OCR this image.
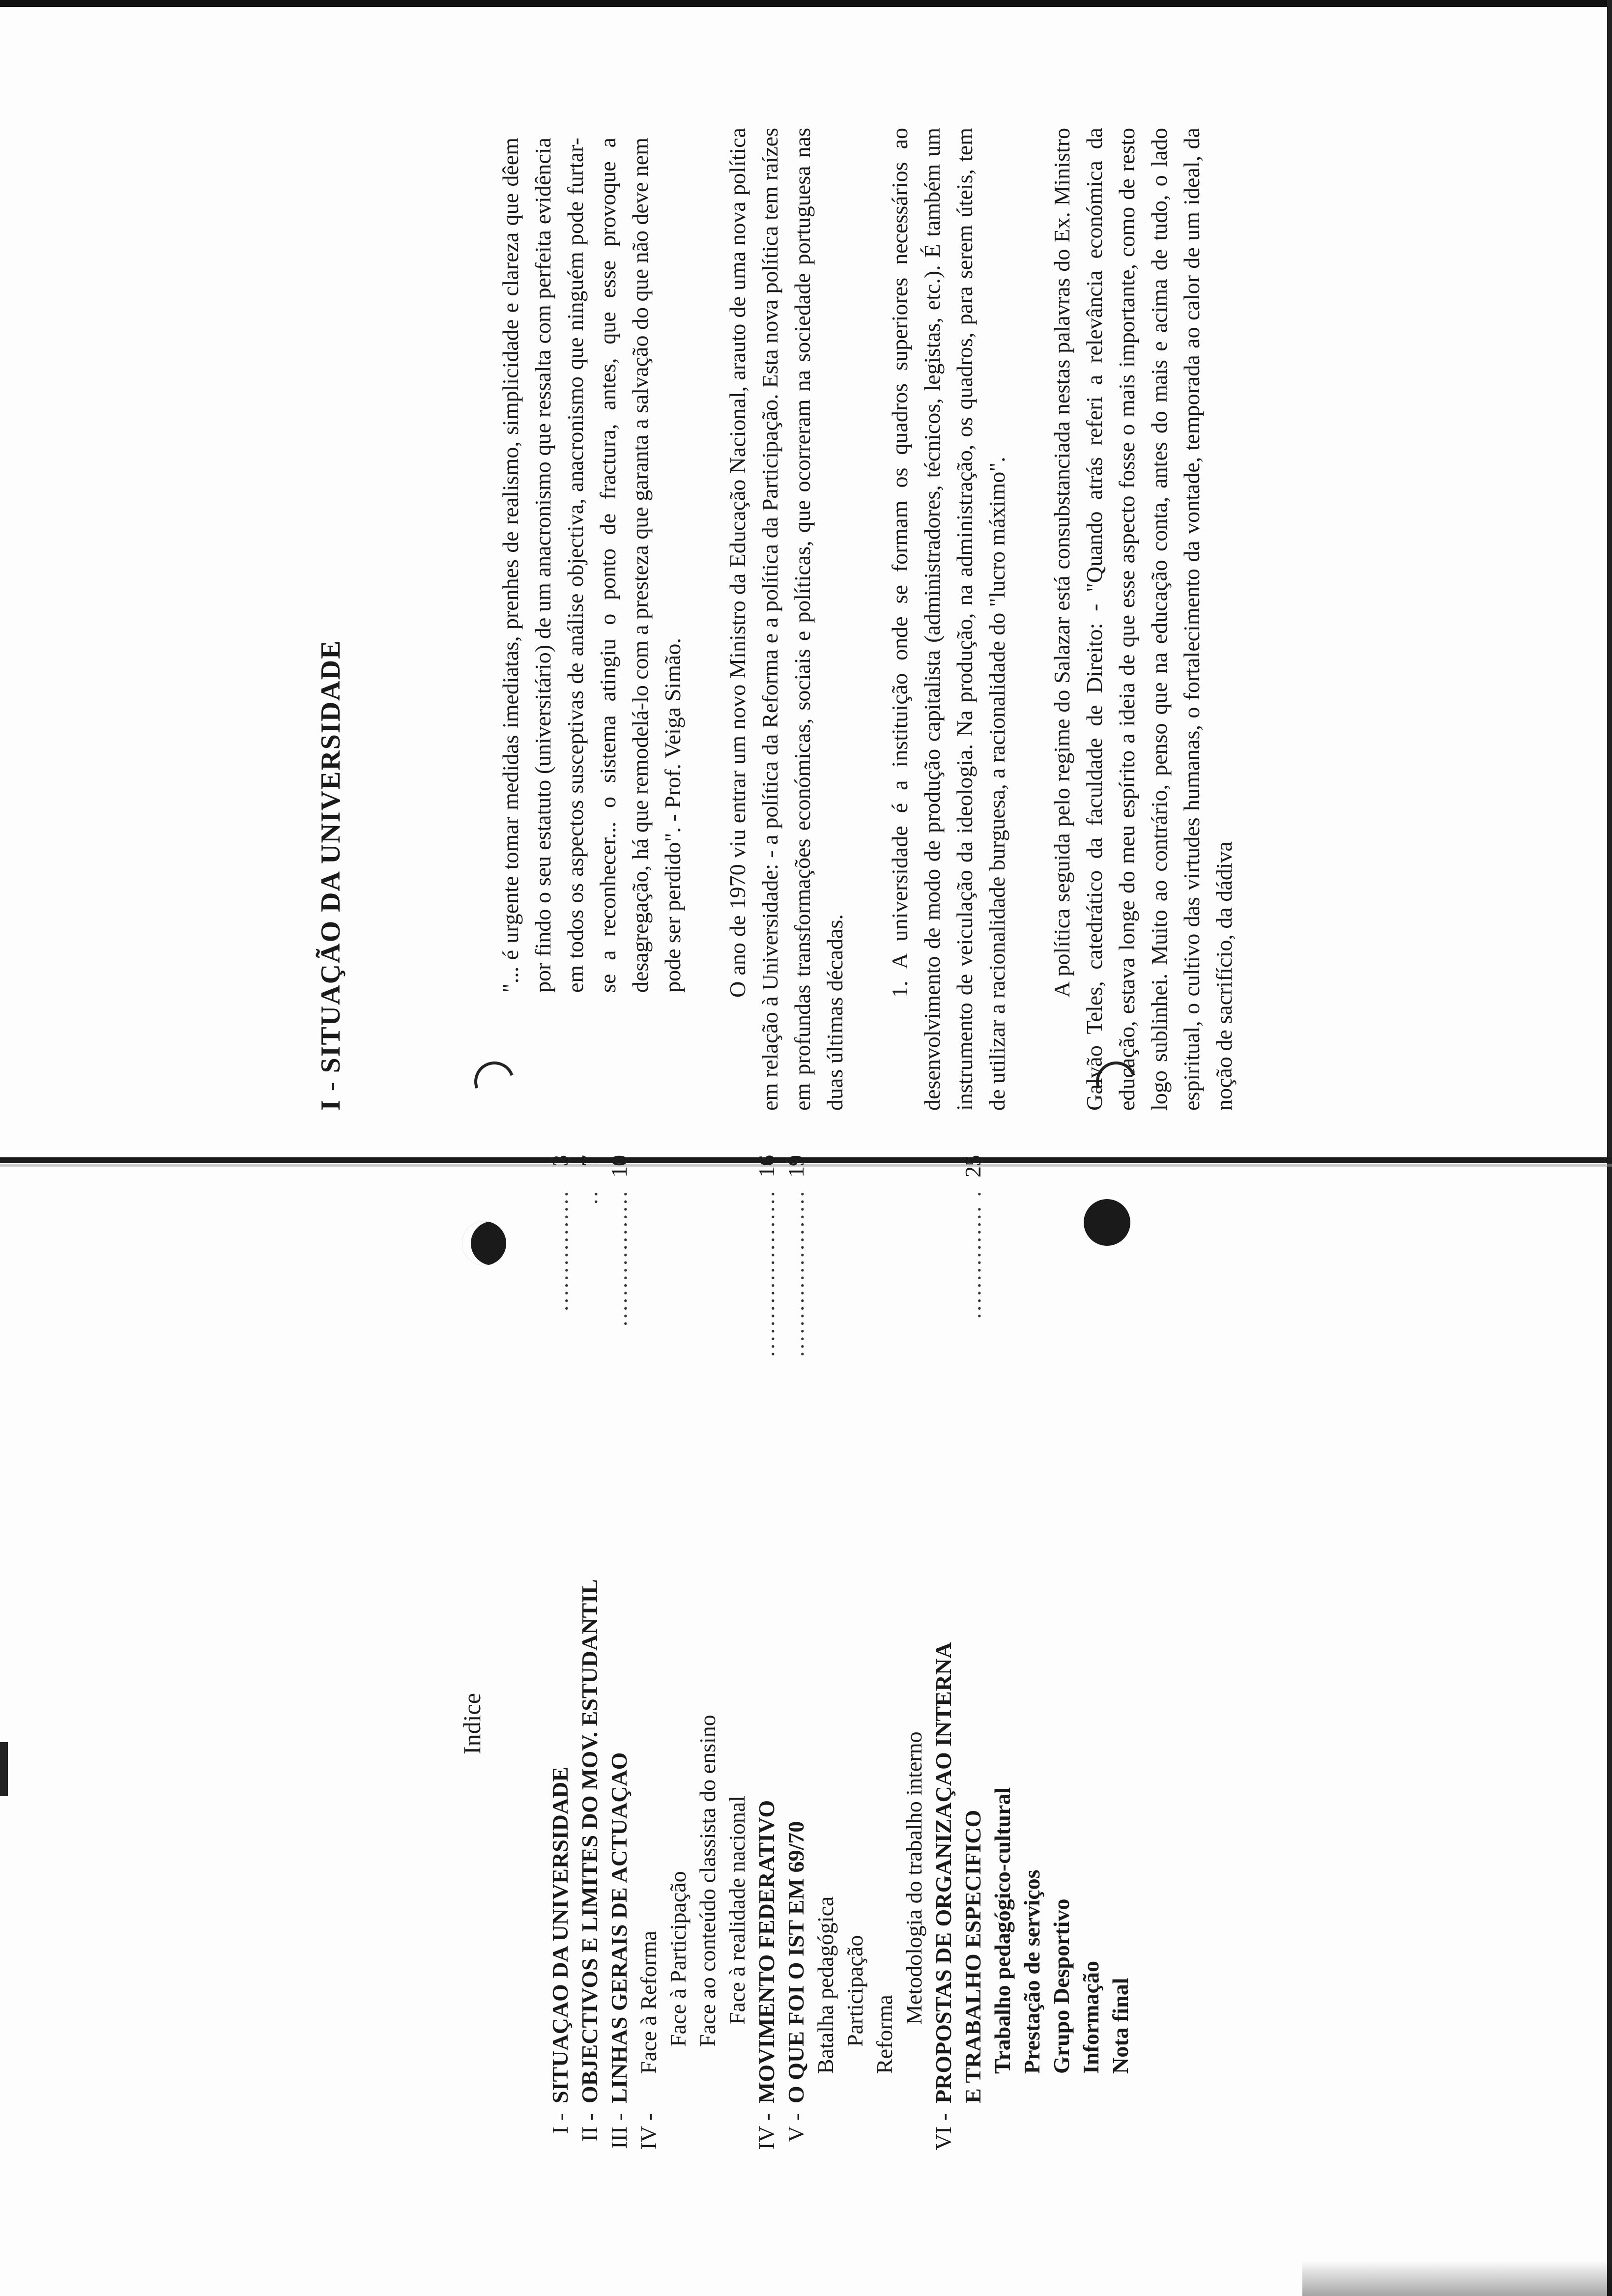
Indice
I -
SITUAÇAO DA UNIVERSIDADE
................
3
II -
OBJECTIVOS E LIMITES DO MOV. ESTUDANTIL
..
7
III -
LINHAS GERAIS DE ACTUAÇAO
..................
10
IV -
Face à Reforma Face à Participação Face ao conteúdo classista do ensino Face à realidade nacional
IV -
MOVIMENTO FEDERATIVO
......................
16
V -
O QUE FOI O IST EM 69/70
......................
19
Batalha pedagógica Participação Reforma
Metodologia do trabalho interno
VI -
PROPOSTAS DE ORGANIZAÇAO INTERNA E TRABALHO ESPECIFICO
............... .
25
Trabalho pedagógico-cultural Prestação de serviços Grupo Desportivo Informação Nota final
I - SITUAÇÃO DA UNIVERSIDADE	"... é urgente tomar medidas imediatas, prenhes de realismo, simplicidade e clareza que dêem por findo o seu estatuto (universitário) de um anacronismo que ressalta com perfeita evidência em todos os aspectos susceptivas de análise objectiva, anacronismo que ninguém pode furtar-se a reconhecer... o sistema atingiu o ponto de fractura, antes, que esse provoque a desagregação, há que remodelá-lo com a presteza que garanta a salvação do que não deve nem pode ser perdido". - Prof. Veiga Simão. O ano de 1970 viu entrar um novo Ministro da Educação Nacional, arauto de uma nova política em relação à Universidade: - a política da Reforma e a política da Participação. Esta nova política tem raízes em profundas transformações económicas, sociais e políticas, que ocorreram na sociedade portuguesa nas duas últimas décadas.

1. A universidade é a instituição onde se formam os quadros superiores necessários ao desenvolvimento de modo de produção capitalista (administradores, técnicos, legistas, etc.). É também um instrumento de veiculação da ideologia. Na produção, na administração, os quadros, para serem úteis, tem de utilizar a racionalidade burguesa, a racionalidade do "lucro máximo". A política seguida pelo regime do Salazar está consubstanciada nestas palavras do Ex. Ministro Galvão Teles, catedrático da faculdade de Direito: - "Quando atrás referi a relevância económica da educação, estava longe do meu espírito a ideia de que esse aspecto fosse o mais importante, como de resto logo sublinhei. Muito ao contrário, penso que na educação conta, antes do mais e acima de tudo, o lado espiritual, o cultivo das virtudes humanas, o fortalecimento da vontade, temporada ao calor de um ideal, da noção de sacrifício, da dádiva
